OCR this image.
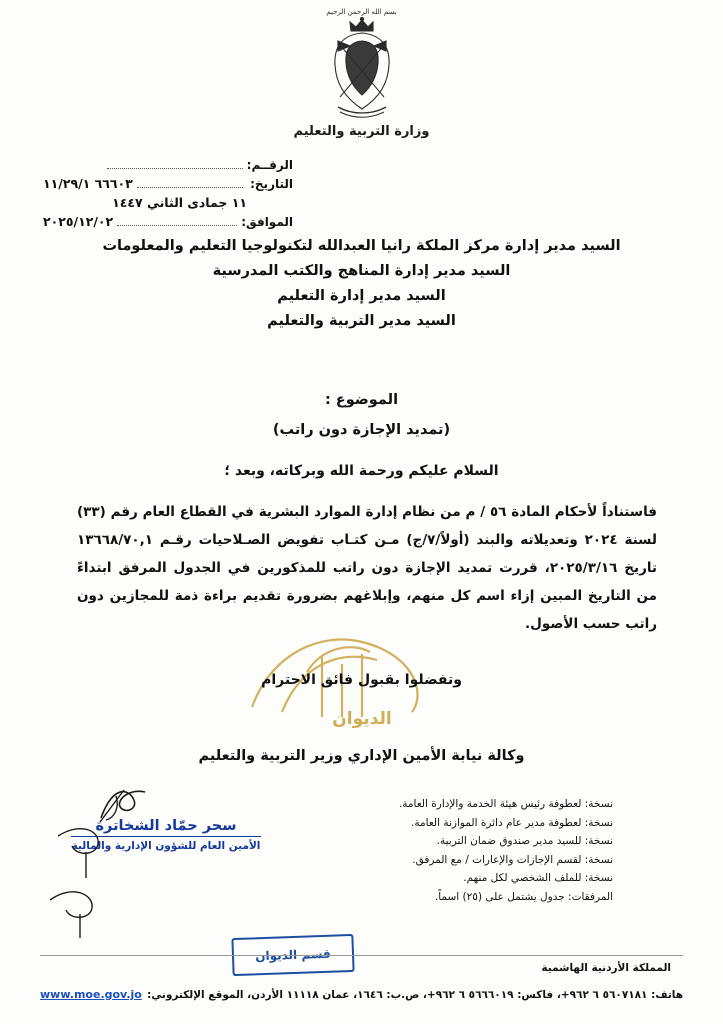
بسم الله الرحمن الرحيم
وزارة التربية والتعليم
الرقــم:
التاريخ:
٦٦٦٠٣ ١١/٢٩/١
١١ جمادى الثاني ١٤٤٧
الموافق:
٢٠٢٥/١٢/٠٢
السيد مدير إدارة مركز الملكة رانيا العبدالله لتكنولوجيا التعليم والمعلومات
السيد مدير إدارة المناهج والكتب المدرسية
السيد مدير إدارة التعليم
السيد مدير التربية والتعليم
الموضوع :
(تمديد الإجازة دون راتب)
السلام عليكم ورحمة الله وبركاته، وبعد ؛

فاستناداً لأحكام المادة ٥٦ / م من نظام إدارة الموارد البشرية في القطاع العام رقم (٣٣) لسنة ٢٠٢٤ وتعديلاته والبند (أولاً/٧/ج) مـن كتـاب تفويض الصـلاحيات رقـم ١٣٦٦٨/٧٠,١ تاريخ ٢٠٢٥/٣/١٦، قررت تمديد الإجازة دون راتب للمذكورين في الجدول المرفق ابتداءً من التاريخ المبين إزاء اسم كل منهم، وإبلاغهم بضرورة تقديم براءة ذمة للمجازين دون راتب حسب الأصول.

الديوان
وتفضلوا بقبول فائق الاحترام
وكالة نيابة الأمين الإداري وزير التربية والتعليم
سحر حمّاد الشخاترة
الأمين العام للشؤون الإدارية والمالية
نسخة: لعطوفة رئيس هيئة الخدمة والإدارة العامة.
نسخة: لعطوفة مدير عام دائرة الموازنة العامة.
نسخة: للسيد مدير صندوق ضمان التربية.
نسخة: لقسم الإجازات والإعارات / مع المرفق.
نسخة: للملف الشخصي لكل منهم.
المرفقات: جدول يشتمل على (٢٥) اسماً.
قسم الديوان
المملكة الأردنية الهاشمية
هاتف: ٥٦٠٧١٨١ ٦ ٩٦٢+، فاكس: ٥٦٦٦٠١٩ ٦ ٩٦٢+، ص.ب: ١٦٤٦، عمان ١١١١٨ الأردن، الموقع الإلكتروني:
www.moe.gov.jo
